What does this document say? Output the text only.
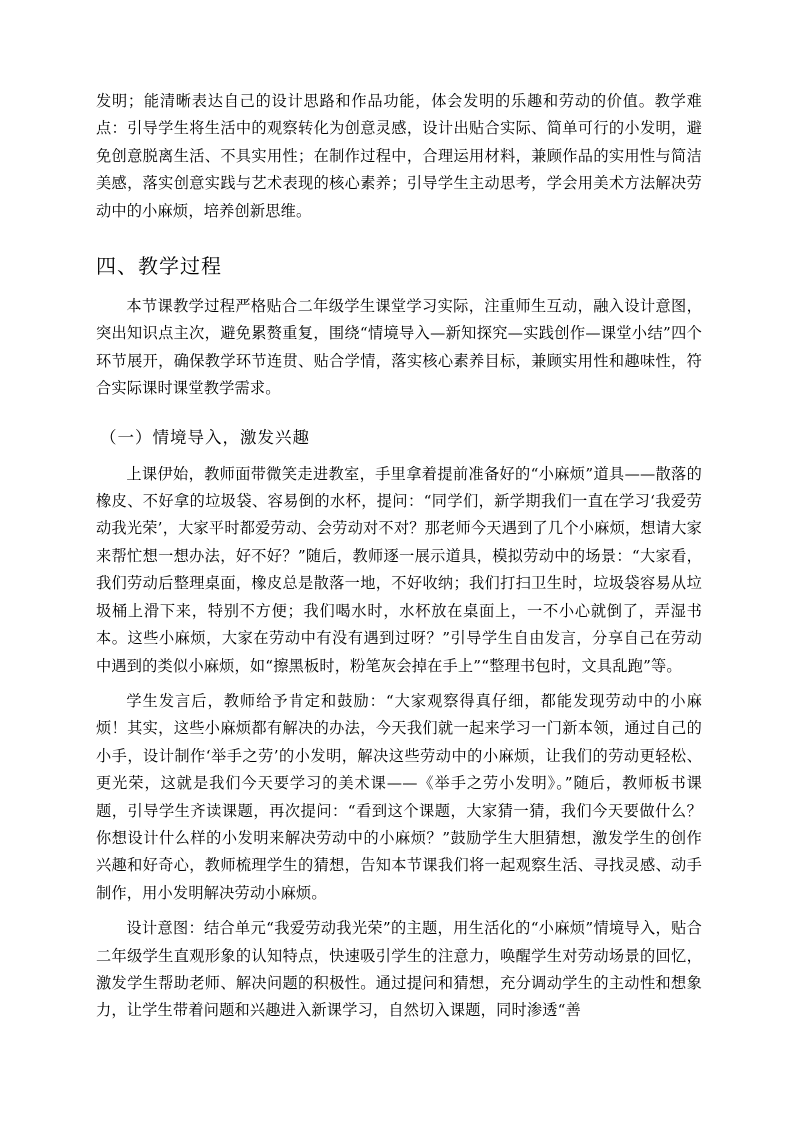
发明；能清晰表达自己的设计思路和作品功能，体会发明的乐趣和劳动的价值。教学难点：引导学生将生活中的观察转化为创意灵感，设计出贴合实际、简单可行的小发明，避免创意脱离生活、不具实用性；在制作过程中，合理运用材料，兼顾作品的实用性与简洁美感，落实创意实践与艺术表现的核心素养；引导学生主动思考，学会用美术方法解决劳动中的小麻烦，培养创新思维。

四、教学过程

本节课教学过程严格贴合二年级学生课堂学习实际，注重师生互动，融入设计意图，突出知识点主次，避免累赘重复，围绕“情境导入—新知探究—实践创作—课堂小结”四个环节展开，确保教学环节连贯、贴合学情，落实核心素养目标，兼顾实用性和趣味性，符合实际课时课堂教学需求。

（一）情境导入，激发兴趣

上课伊始，教师面带微笑走进教室，手里拿着提前准备好的“小麻烦”道具——散落的橡皮、不好拿的垃圾袋、容易倒的水杯，提问：“同学们，新学期我们一直在学习‘我爱劳动我光荣’，大家平时都爱劳动、会劳动对不对？那老师今天遇到了几个小麻烦，想请大家来帮忙想一想办法，好不好？”随后，教师逐一展示道具，模拟劳动中的场景：“大家看，我们劳动后整理桌面，橡皮总是散落一地，不好收纳；我们打扫卫生时，垃圾袋容易从垃圾桶上滑下来，特别不方便；我们喝水时，水杯放在桌面上，一不小心就倒了，弄湿书本。这些小麻烦，大家在劳动中有没有遇到过呀？”引导学生自由发言，分享自己在劳动中遇到的类似小麻烦，如“擦黑板时，粉笔灰会掉在手上”“整理书包时，文具乱跑”等。

学生发言后，教师给予肯定和鼓励：“大家观察得真仔细，都能发现劳动中的小麻烦！其实，这些小麻烦都有解决的办法，今天我们就一起来学习一门新本领，通过自己的小手，设计制作‘举手之劳’的小发明，解决这些劳动中的小麻烦，让我们的劳动更轻松、更光荣，这就是我们今天要学习的美术课——《举手之劳小发明》。”随后，教师板书课题，引导学生齐读课题，再次提问：“看到这个课题，大家猜一猜，我们今天要做什么？你想设计什么样的小发明来解决劳动中的小麻烦？”鼓励学生大胆猜想，激发学生的创作兴趣和好奇心，教师梳理学生的猜想，告知本节课我们将一起观察生活、寻找灵感、动手制作，用小发明解决劳动小麻烦。

设计意图：结合单元“我爱劳动我光荣”的主题，用生活化的“小麻烦”情境导入，贴合二年级学生直观形象的认知特点，快速吸引学生的注意力，唤醒学生对劳动场景的回忆，激发学生帮助老师、解决问题的积极性。通过提问和猜想，充分调动学生的主动性和想象力，让学生带着问题和兴趣进入新课学习，自然切入课题，同时渗透“善
